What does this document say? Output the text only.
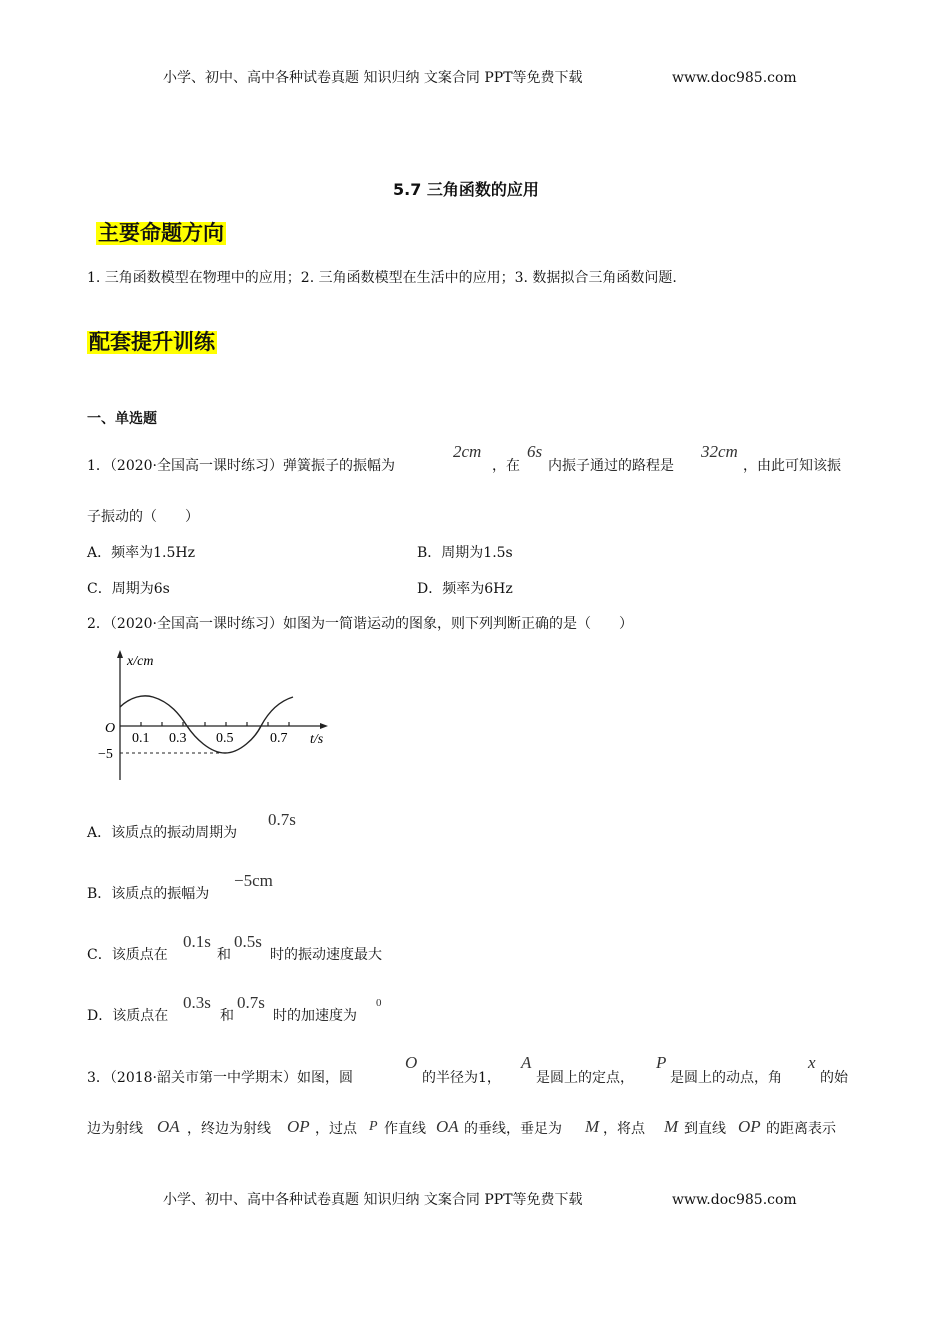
小学、初中、高中各种试卷真题 知识归纳 文案合同 PPT等免费下载	www.doc985.com
5.7 三角函数的应用
主要命题方向
1. 三角函数模型在物理中的应用；2. 三角函数模型在生活中的应用；3. 数据拟合三角函数问题.
配套提升训练
一、单选题
1．（2020·全国高一课时练习）弹簧振子的振幅为
2cm
，在
6s
内振子通过的路程是
32cm
，由此可知该振
子振动的（　　）
A．频率为1.5Hz	B．周期为1.5s
C．周期为6s	D．频率为6Hz
2．（2020·全国高一课时练习）如图为一简谐运动的图象，则下列判断正确的是（　　）
x/cm
t/s
O
−5
0.1 0.3 0.5	0.7
A．该质点的振动周期为
0.7s
B．该质点的振幅为
−5cm
C．该质点在
0.1s
和
0.5s
时的振动速度最大
D．该质点在
0.3s
和
0.7s
时的加速度为
0
3．（2018·韶关市第一中学期末）如图，圆
O
的半径为1，
A
是圆上的定点，
P
是圆上的动点，角
x
的始
边为射线 OA ，终边为射线 OP ，过点 P 作直线 OA 的垂线，垂足为 M ，将点 M 到直线 OP 的距离表示
小学、初中、高中各种试卷真题 知识归纳 文案合同 PPT等免费下载	www.doc985.com
